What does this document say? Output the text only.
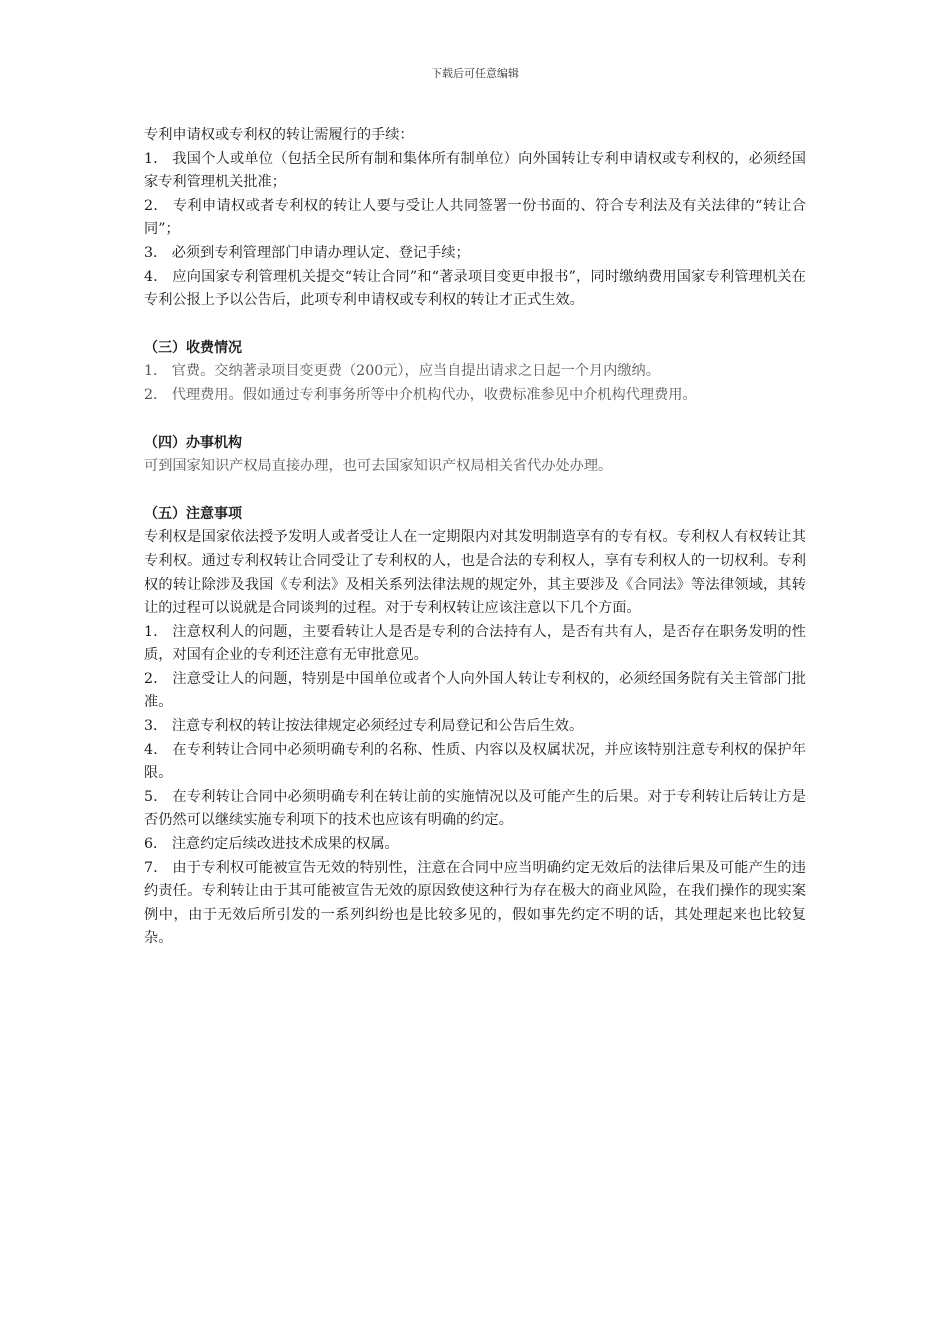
下载后可任意编辑

专利申请权或专利权的转让需履行的手续：

1． 我国个人或单位（包括全民所有制和集体所有制单位）向外国转让专利申请权或专利权的，必须经国家专利管理机关批准；

2． 专利申请权或者专利权的转让人要与受让人共同签署一份书面的、符合专利法及有关法律的“转让合同”；

3． 必须到专利管理部门申请办理认定、登记手续；

4． 应向国家专利管理机关提交“转让合同”和“著录项目变更申报书”，同时缴纳费用国家专利管理机关在专利公报上予以公告后，此项专利申请权或专利权的转让才正式生效。

（三）收费情况

1． 官费。交纳著录项目变更费（200元），应当自提出请求之日起一个月内缴纳。

2． 代理费用。假如通过专利事务所等中介机构代办，收费标准参见中介机构代理费用。

（四）办事机构

可到国家知识产权局直接办理，也可去国家知识产权局相关省代办处办理。

（五）注意事项

专利权是国家依法授予发明人或者受让人在一定期限内对其发明制造享有的专有权。专利权人有权转让其专利权。通过专利权转让合同受让了专利权的人，也是合法的专利权人，享有专利权人的一切权利。专利权的转让除涉及我国《专利法》及相关系列法律法规的规定外，其主要涉及《合同法》等法律领域，其转让的过程可以说就是合同谈判的过程。对于专利权转让应该注意以下几个方面。

1． 注意权利人的问题，主要看转让人是否是专利的合法持有人，是否有共有人，是否存在职务发明的性质，对国有企业的专利还注意有无审批意见。

2． 注意受让人的问题，特别是中国单位或者个人向外国人转让专利权的，必须经国务院有关主管部门批准。

3． 注意专利权的转让按法律规定必须经过专利局登记和公告后生效。

4． 在专利转让合同中必须明确专利的名称、性质、内容以及权属状况，并应该特别注意专利权的保护年限。

5． 在专利转让合同中必须明确专利在转让前的实施情况以及可能产生的后果。对于专利转让后转让方是否仍然可以继续实施专利项下的技术也应该有明确的约定。

6． 注意约定后续改进技术成果的权属。

7． 由于专利权可能被宣告无效的特别性，注意在合同中应当明确约定无效后的法律后果及可能产生的违约责任。专利转让由于其可能被宣告无效的原因致使这种行为存在极大的商业风险，在我们操作的现实案例中，由于无效后所引发的一系列纠纷也是比较多见的，假如事先约定不明的话，其处理起来也比较复杂。
